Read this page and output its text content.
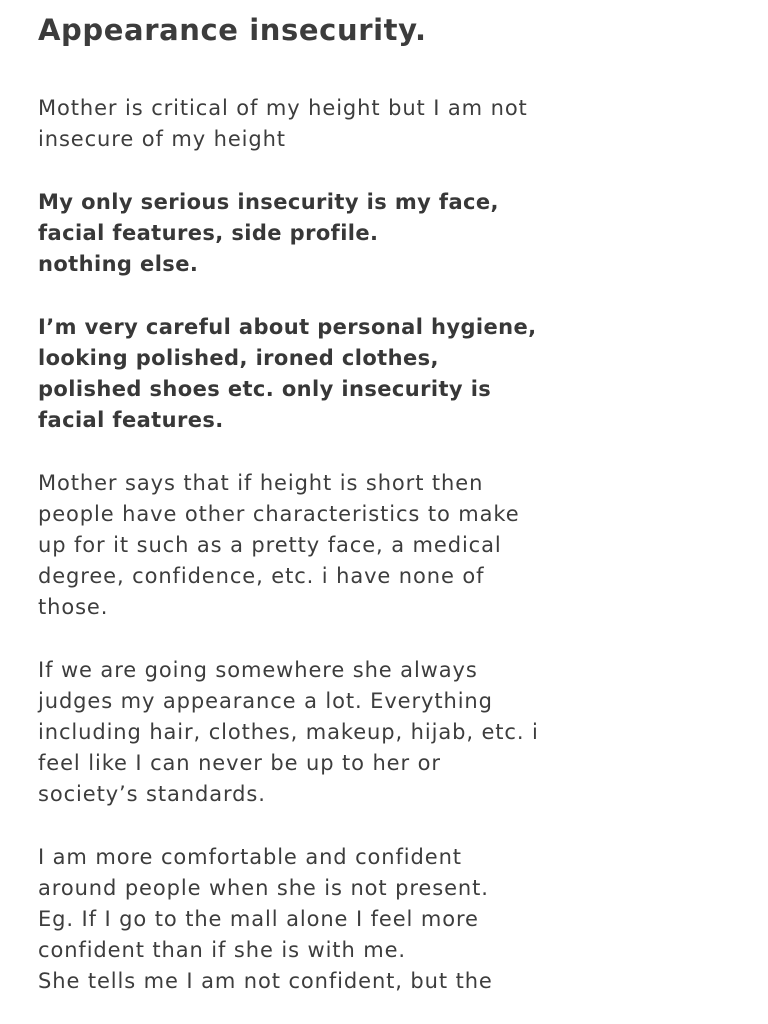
Appearance insecurity.

Mother is critical of my height but I am not
insecure of my height

My only serious insecurity is my face,
facial features, side profile.
nothing else.

I’m very careful about personal hygiene,
looking polished, ironed clothes,
polished shoes etc. only insecurity is
facial features.

Mother says that if height is short then
people have other characteristics to make
up for it such as a pretty face, a medical
degree, confidence, etc. i have none of
those.

If we are going somewhere she always
judges my appearance a lot. Everything
including hair, clothes, makeup, hijab, etc. i
feel like I can never be up to her or
society’s standards.

I am more comfortable and confident
around people when she is not present.
Eg. If I go to the mall alone I feel more
confident than if she is with me.
She tells me I am not confident, but the
